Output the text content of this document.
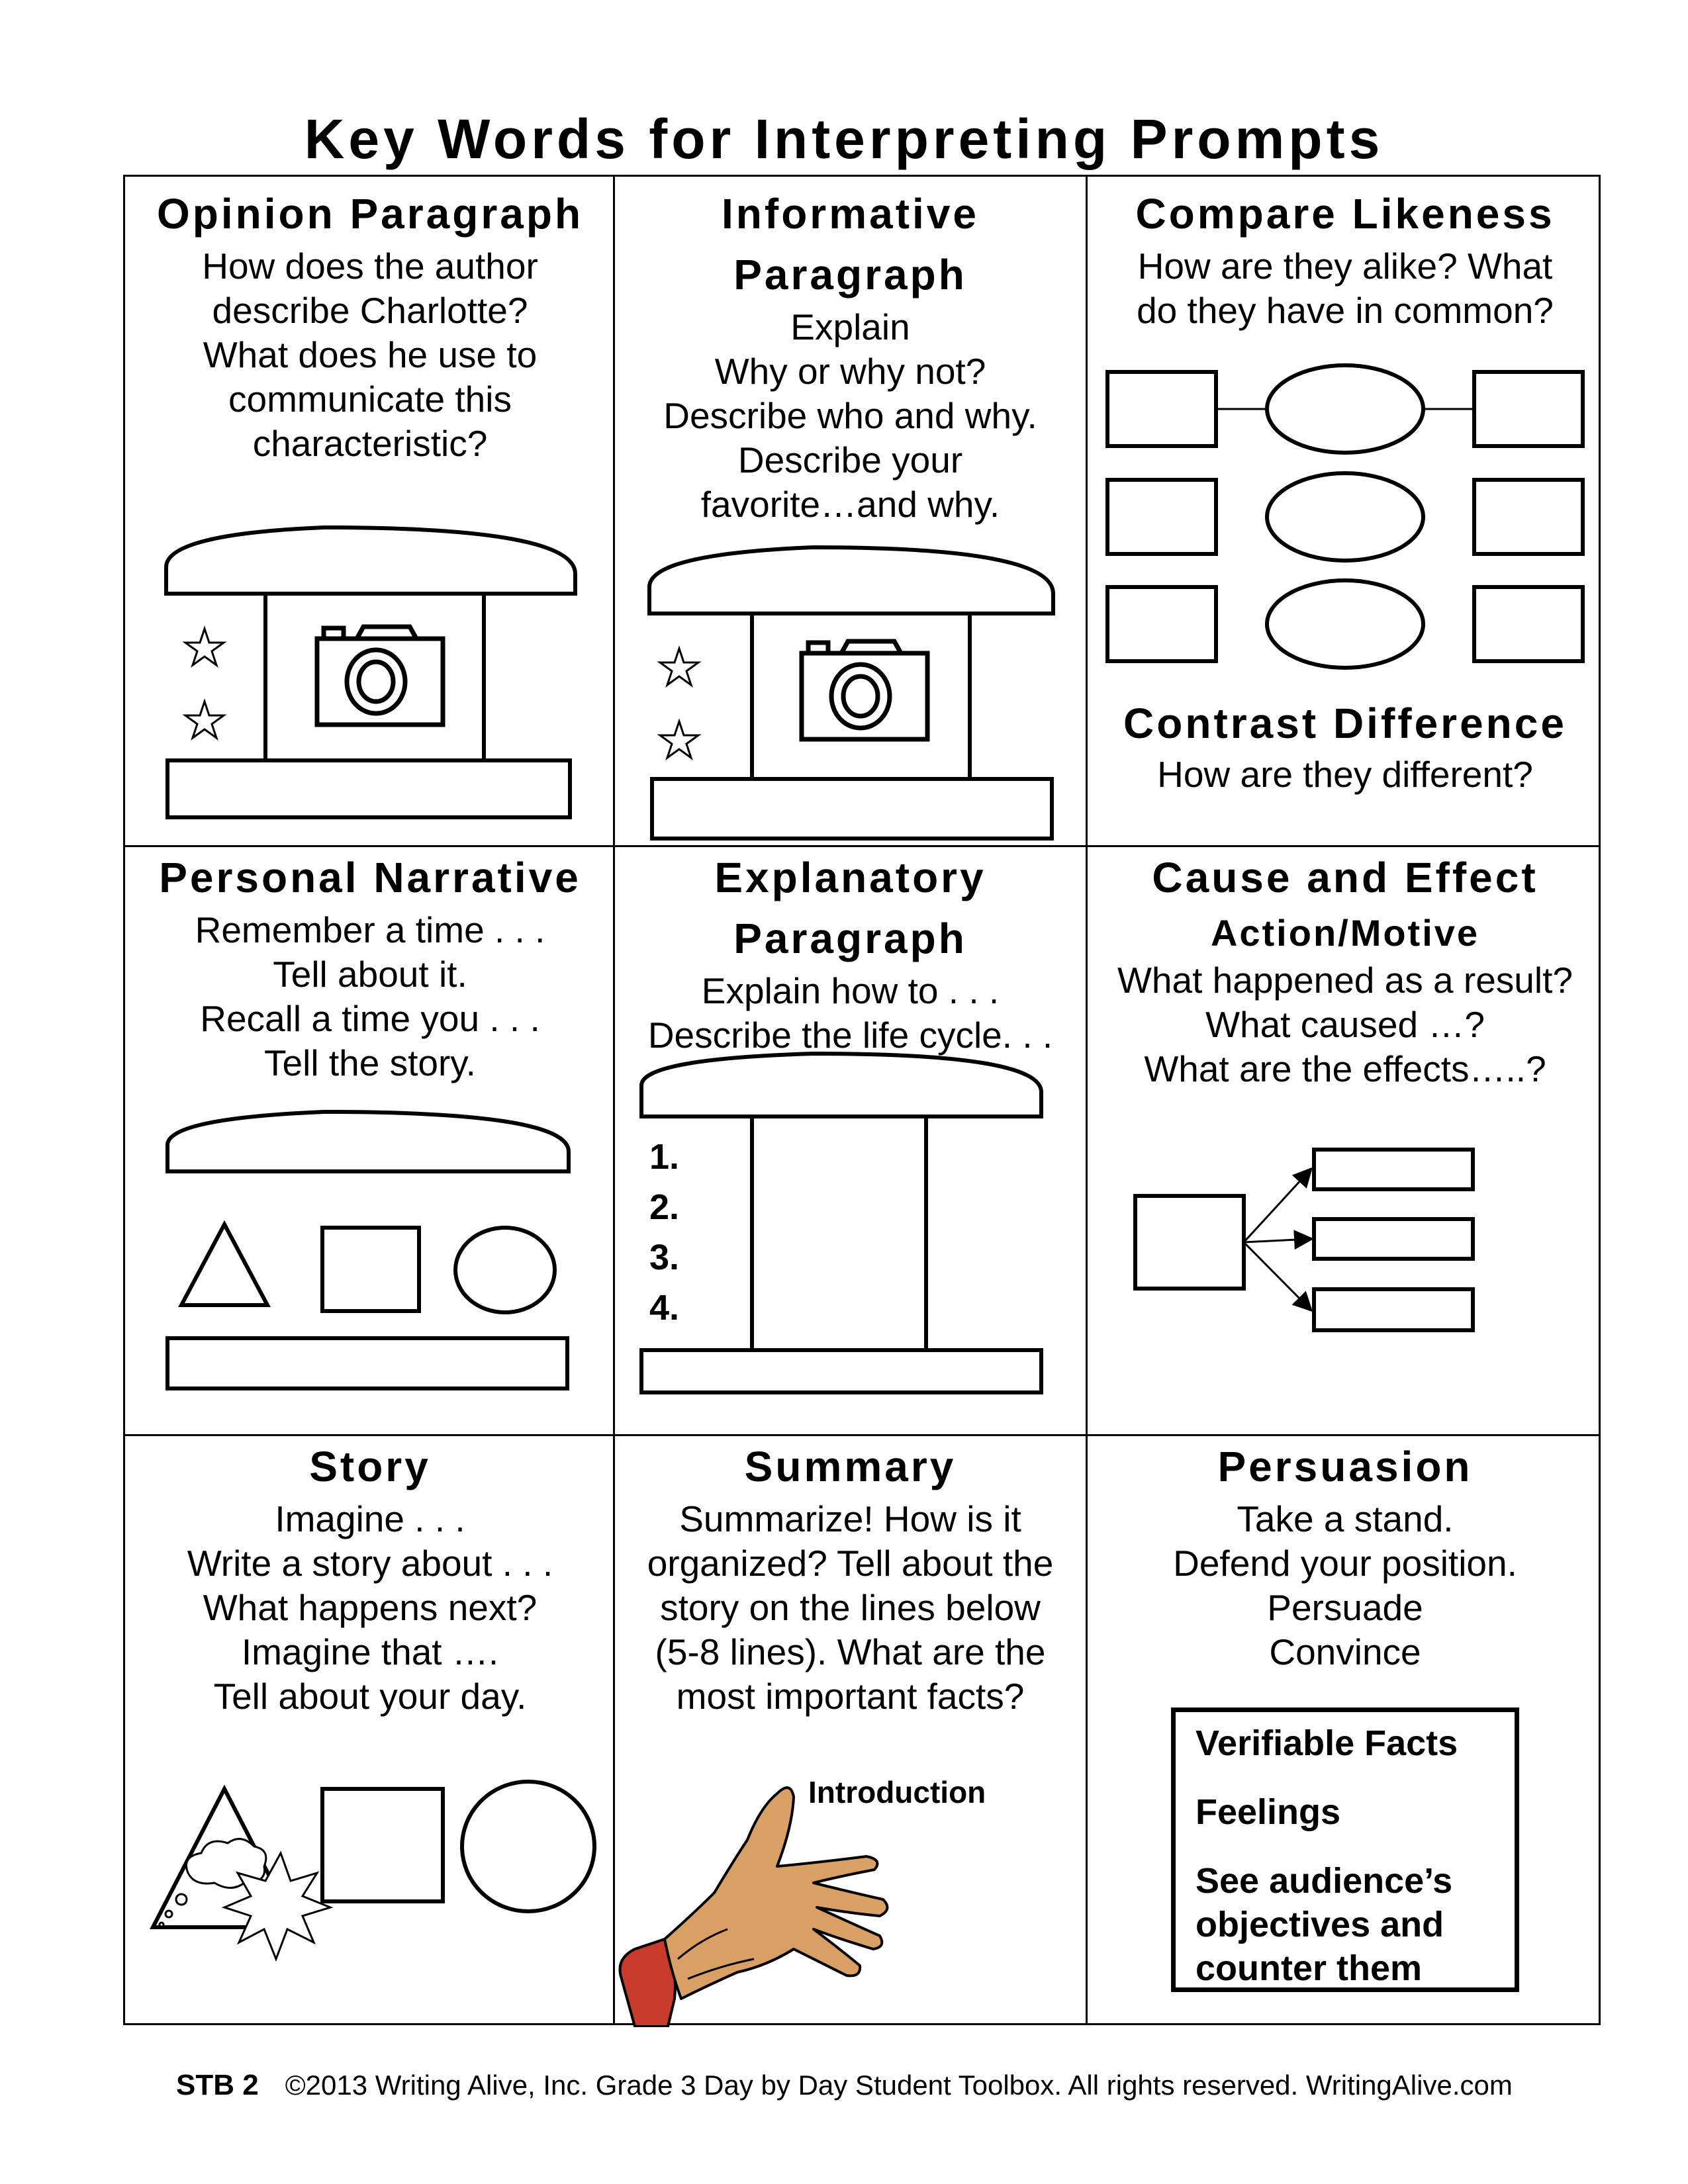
Key Words for Interpreting Prompts
Opinion Paragraph
How does the author
describe Charlotte?
What does he use to
communicate this
characteristic?
Informative
Paragraph
Explain
Why or why not?
Describe who and why.
Describe your
favorite…and why.
Compare Likeness
How are they alike? What
do they have in common?
Contrast Difference
How are they different?
Personal Narrative
Remember a time . . .
Tell about it.
Recall a time you . . .
Tell the story.
Explanatory
Paragraph
Explain how to . . .
Describe the life cycle. . .
1.
2.
3.
4.
Cause and Effect
Action/Motive
What happened as a result?
What caused …?
What are the effects…..?
Story
Imagine . . .
Write a story about . . .
What happens next?
Imagine that ….
Tell about your day.
Summary
Summarize! How is it
organized? Tell about the
story on the lines below
(5-8 lines). What are the
most important facts?
Introduction
Persuasion
Take a stand.
Defend your position.
Persuade
Convince
Verifiable Facts
Feelings
See audience’s
objectives and
counter them
STB 2 ©2013 Writing Alive, Inc. Grade 3 Day by Day Student Toolbox. All rights reserved. WritingAlive.com
